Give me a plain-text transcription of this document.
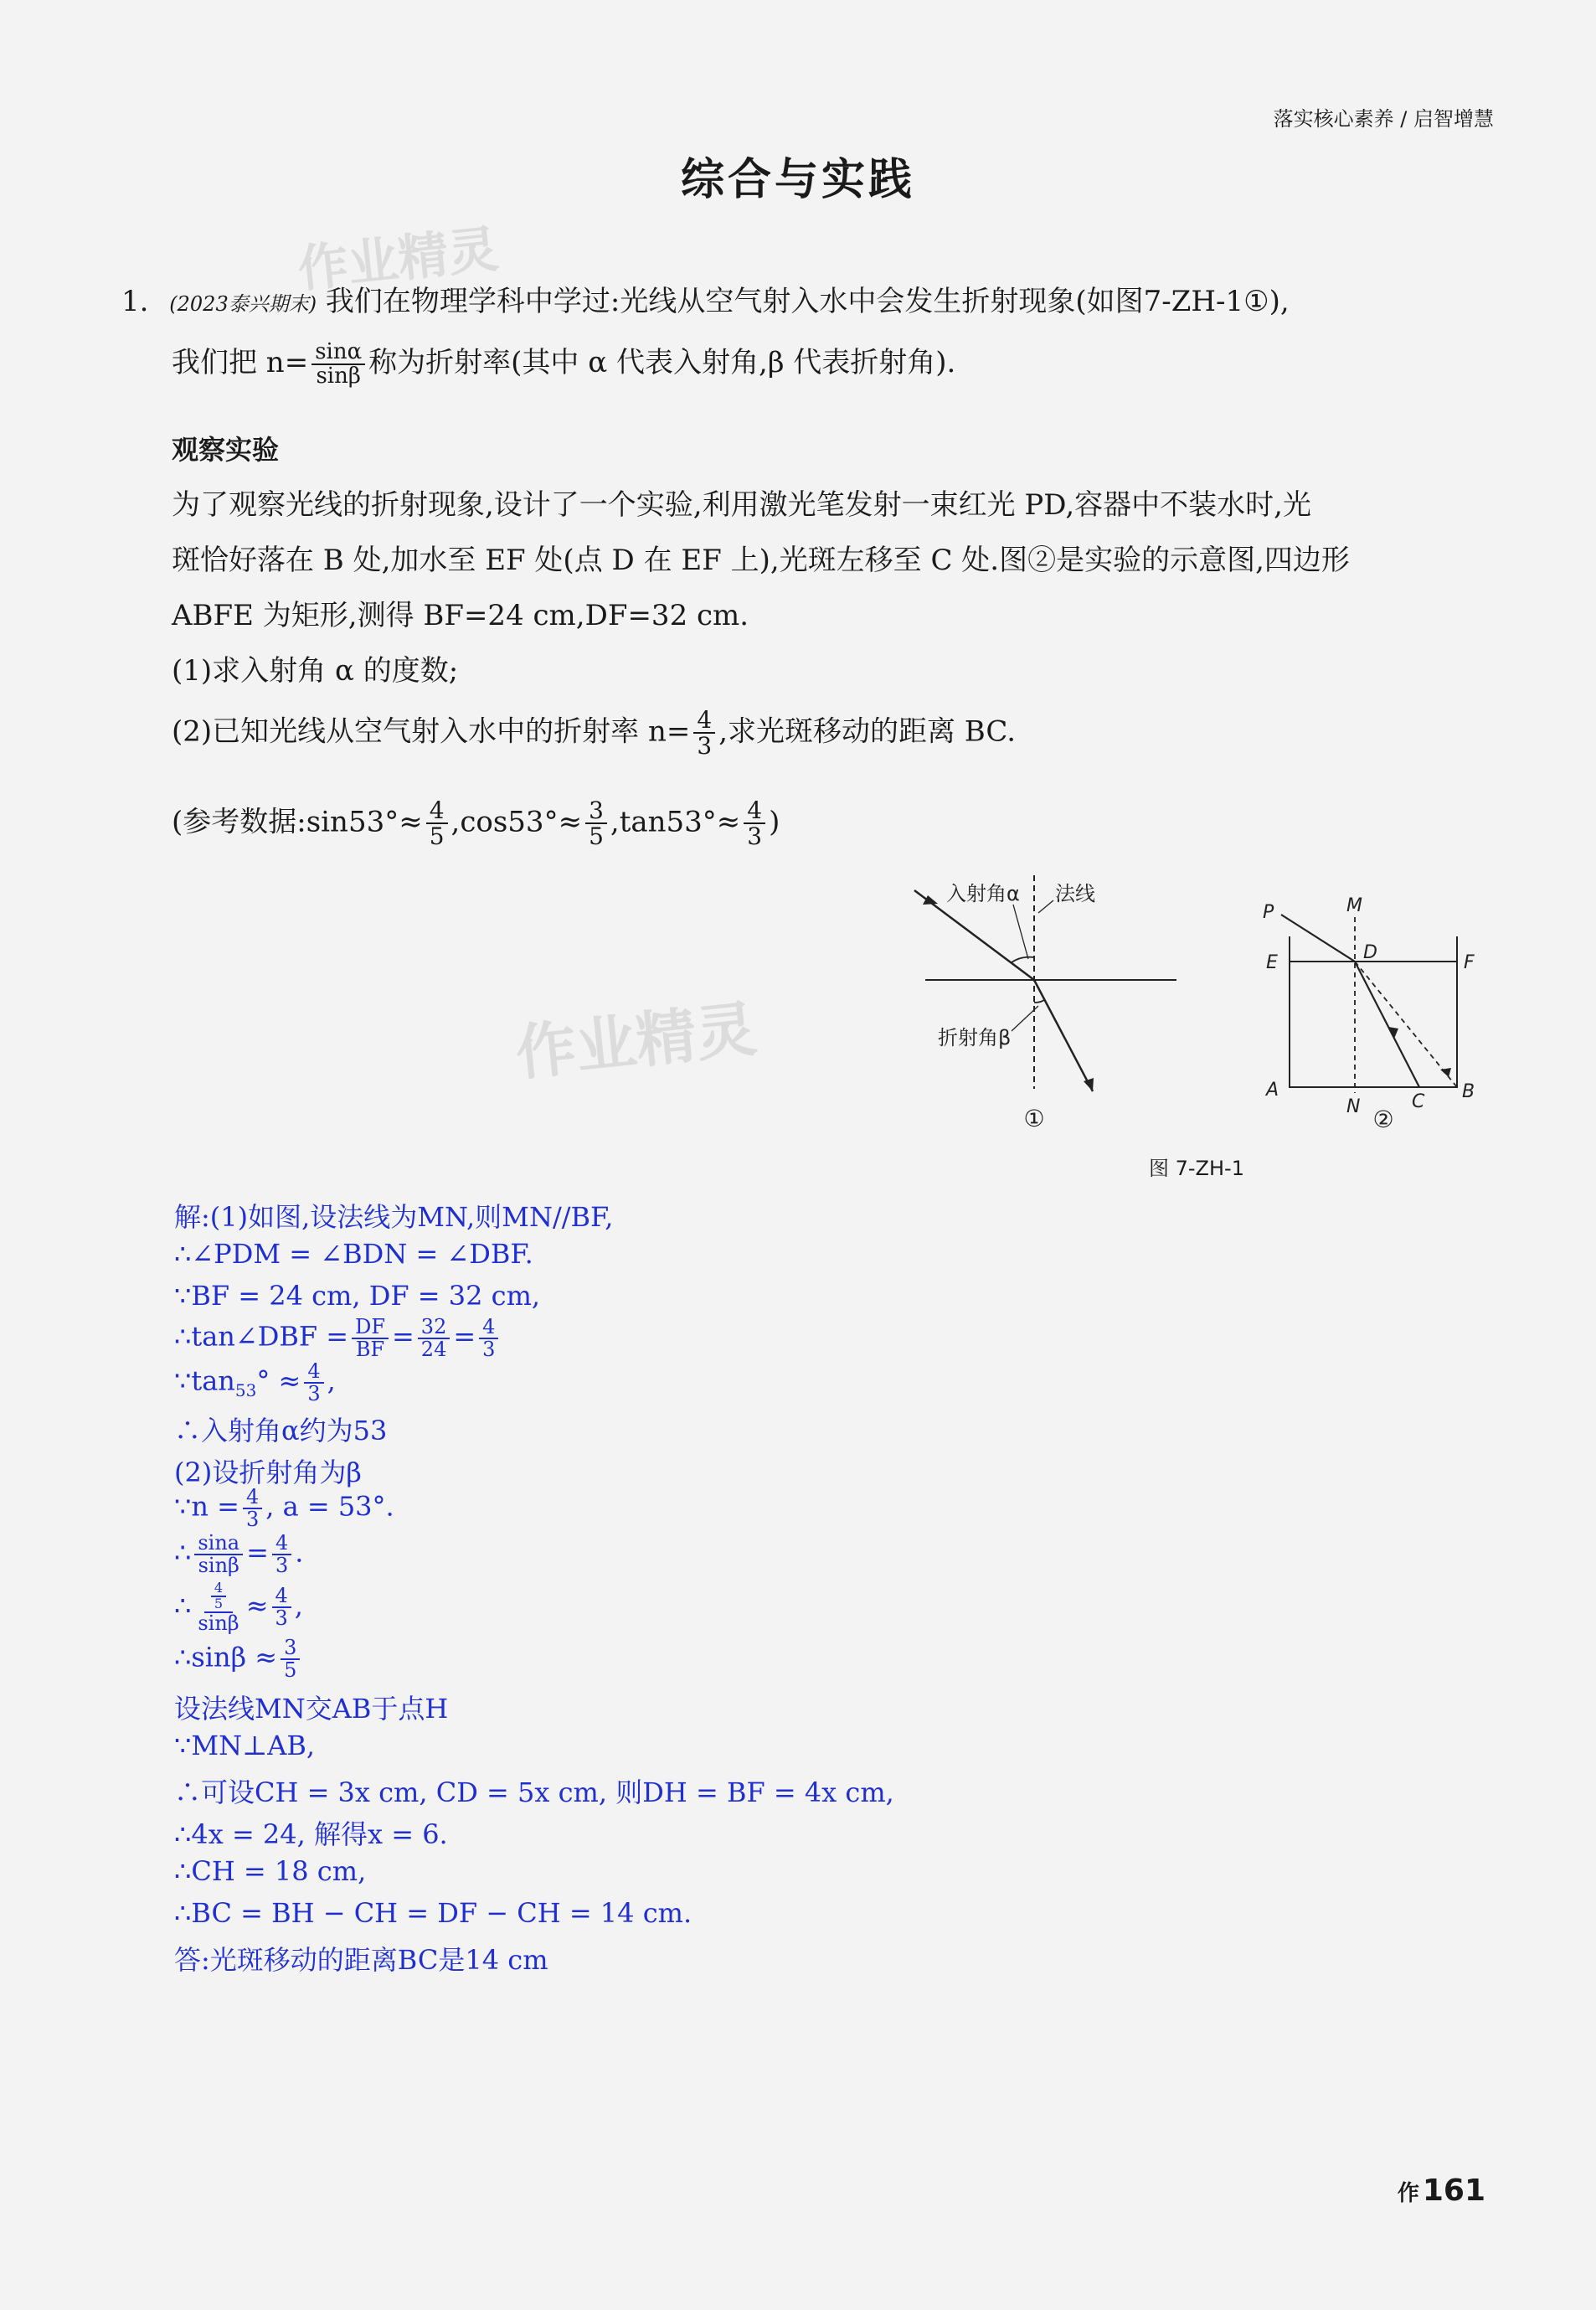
落实核心素养 / 启智增慧
综合与实践
作业精灵
作业精灵
1. (2023泰兴期末) 我们在物理学科中学过:光线从空气射入水中会发生折射现象(如图7-ZH-1①),
我们把 $n= \frac{\sin\alpha}{\sin\beta}$ 称为折射率(其中 α 代表入射角,β 代表折射角).
观察实验
为了观察光线的折射现象,设计了一个实验,利用激光笔发射一束红光 PD,容器中不装水时,光
斑恰好落在 B 处,加水至 EF 处(点 D 在 EF 上),光斑左移至 C 处.图②是实验的示意图,四边形
ABFE 为矩形,测得 BF=24 cm,DF=32 cm.
(1)求入射角 α 的度数;
(2)已知光线从空气射入水中的折射率 $n= \frac{4}{3}$ ,求光斑移动的距离 BC.
(参考数据:sin53°≈ $\frac{4}{5} ,\cos 53^\circ\approx \frac{3}{5} ,\tan 53^\circ\approx \frac{4}{3}$ )
入射角α 法线
折射角β
①
P	M
D
E	F
A
C B
N ②
图 7-ZH-1
解:(1)如图,设法线为MN,则MN//BF,
∴∠PDM = ∠BDN = ∠DBF.
∵BF = 24 cm, DF = 32 cm,
∴tan∠DBF = $\frac{DF}{BF} = \frac{32}{24} = \frac{4}{3}$
$\because\tan_{53}^\circ \approx \frac{4}{3}$ ,
∴入射角α约为53
(2)设折射角为β
∵n = $\frac{4}{3}$ , a = 53°.
∴ $\frac{\sin a}{\sin\beta} = \frac{4}{3}$ .
∴ $\frac{\frac{4}{5}}{\sin\beta} \approx \frac{4}{3}$ ,
∴sinβ ≈ $\frac{3}{5}$
设法线MN交AB于点H
∵MN⊥AB,
∴可设CH = 3x cm, CD = 5x cm, 则DH = BF = 4x cm,
∴4x = 24, 解得x = 6.
∴CH = 18 cm,
∴BC = BH − CH = DF − CH = 14 cm.
答:光斑移动的距离BC是14 cm
作 161
